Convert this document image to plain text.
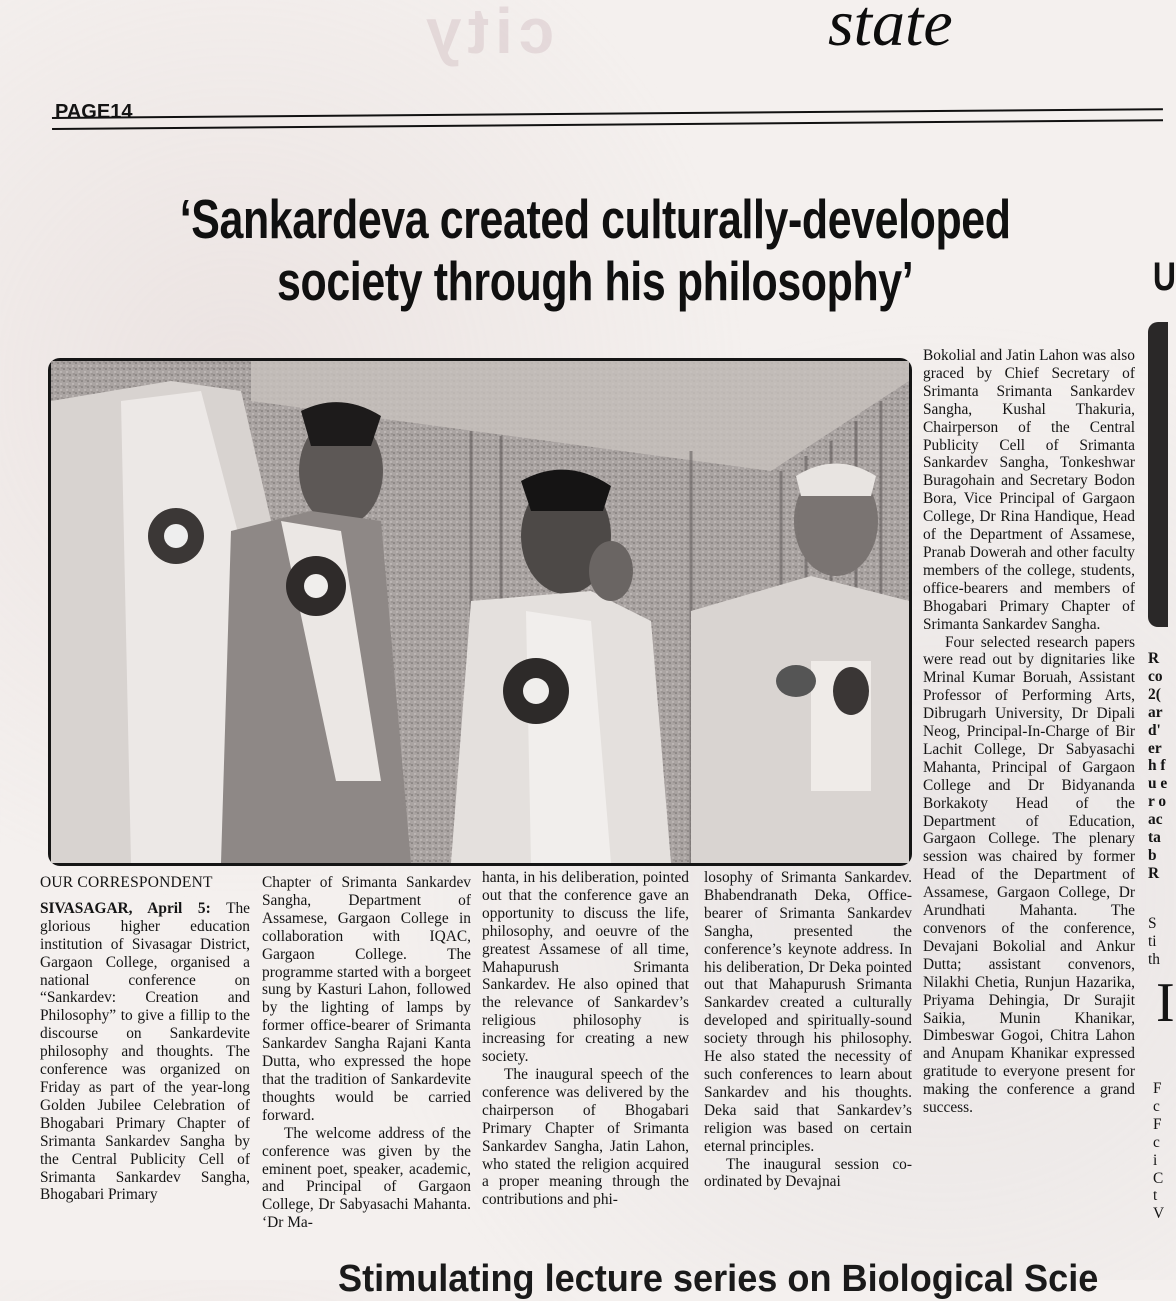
city	state
PAGE14
‘Sankardeva created culturally-developed
society through his philosophy’

OUR CORRESPONDENT

SIVASAGAR, April 5: The glorious higher education institution of Sivasagar District, Gargaon College, organised a national conference on “Sankardev: Creation and Philosophy” to give a fillip to the discourse on Sankardevite philosophy and thoughts. The conference was organized on Friday as part of the year-long Golden Jubilee Celebration of Bhogabari Primary Chapter of Srimanta Sankardev Sangha by the Central Publicity Cell of Srimanta Sankardev Sangha, Bhogabari Primary

Chapter of Srimanta Sankardev Sangha, Department of Assamese, Gargaon College in collaboration with IQAC, Gargaon College. The programme started with a borgeet sung by Kasturi Lahon, followed by the lighting of lamps by former office-bearer of Srimanta Sankardev Sangha Rajani Kanta Dutta, who expressed the hope that the tradition of Sankardevite thoughts would be carried forward.

The welcome address of the conference was given by the eminent poet, speaker, academic, and Principal of Gargaon College, Dr Sabyasachi Mahanta. ‘Dr Ma-

hanta, in his deliberation, pointed out that the conference gave an opportunity to discuss the life, philosophy, and oeuvre of the greatest Assamese of all time, Mahapurush Srimanta Sankardev. He also opined that the relevance of Sankardev’s religious philosophy is increasing for creating a new society.

The inaugural speech of the conference was delivered by the chairperson of Bhogabari Primary Chapter of Srimanta Sankardev Sangha, Jatin Lahon, who stated the religion acquired a proper meaning through the contributions and phi-

losophy of Srimanta Sankardev. Bhabendranath Deka, Office-bearer of Srimanta Sankardev Sangha, presented the conference’s keynote address. In his deliberation, Dr Deka pointed out that Mahapurush Srimanta Sankardev created a culturally developed and spiritually-sound society through his philosophy. He also stated the necessity of such conferences to learn about Sankardev and his thoughts. Deka said that Sankardev’s religion was based on certain eternal principles.

The inaugural session co-ordinated by Devajnai

Bokolial and Jatin Lahon was also graced by Chief Secretary of Srimanta Srimanta Sankardev Sangha, Kushal Thakuria, Chairperson of the Central Publicity Cell of Srimanta Sankardev Sangha, Tonkeshwar Buragohain and Secretary Bodon Bora, Vice Principal of Gargaon College, Dr Rina Handique, Head of the Department of Assamese, Pranab Dowerah and other faculty members of the college, students, office-bearers and members of Bhogabari Primary Chapter of Srimanta Sankardev Sangha.

Four selected research papers were read out by dignitaries like Mrinal Kumar Boruah, Assistant Professor of Performing Arts, Dibrugarh University, Dr Dipali Neog, Principal-In-Charge of Bir Lachit College, Dr Sabyasachi Mahanta, Principal of Gargaon College and Dr Bidyananda Borkakoty Head of the Department of Education, Gargaon College. The plenary session was chaired by former Head of the Department of Assamese, Gargaon College, Dr Arundhati Mahanta. The convenors of the conference, Devajani Bokolial and Ankur Dutta; assistant convenors, Nilakhi Chetia, Runjun Hazarika, Priyama Dehingia, Dr Surajit Saikia, Munin Khanikar, Dimbeswar Gogoi, Chitra Lahon and Anupam Khanikar expressed gratitude to everyone present for making the conference a grand success.

U
R co 2( ar d' er h fu er o ac ta b R
S ti th
I
F c F c i C t V
Stimulating lecture series on Biological Scie
